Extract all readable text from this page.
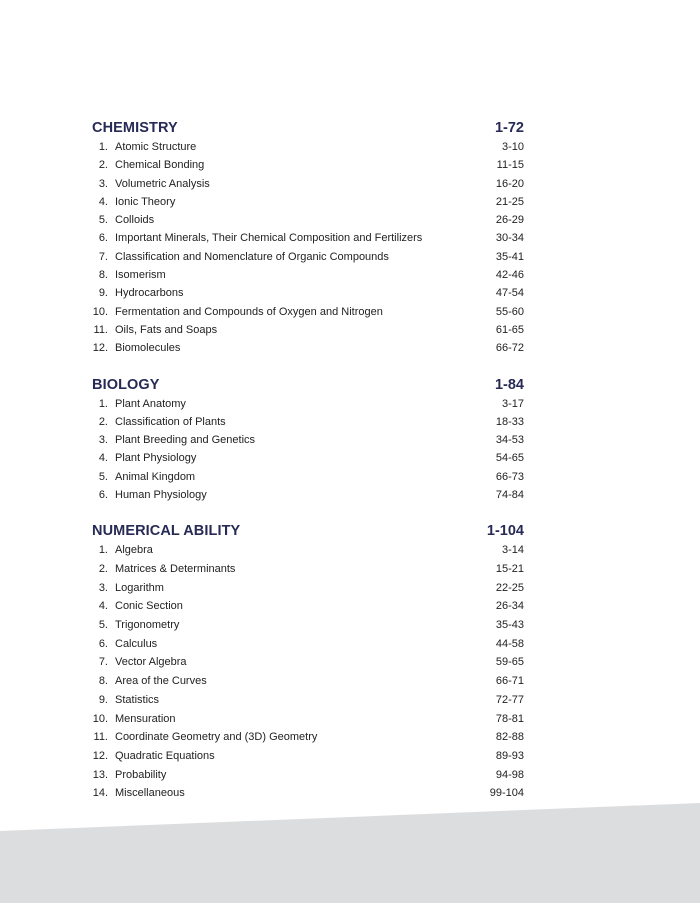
CHEMISTRY	1-72
1. Atomic Structure	3-10
2. Chemical Bonding	11-15
3. Volumetric Analysis	16-20
4. Ionic Theory	21-25
5. Colloids	26-29
6. Important Minerals, Their Chemical Composition and Fertilizers	30-34
7. Classification and Nomenclature of Organic Compounds	35-41
8. Isomerism	42-46
9. Hydrocarbons	47-54
10. Fermentation and Compounds of Oxygen and Nitrogen	55-60
11. Oils, Fats and Soaps	61-65
12. Biomolecules	66-72
BIOLOGY	1-84
1. Plant Anatomy	3-17
2. Classification of Plants	18-33
3. Plant Breeding and Genetics	34-53
4. Plant Physiology	54-65
5. Animal Kingdom	66-73
6. Human Physiology	74-84
NUMERICAL ABILITY	1-104
1. Algebra	3-14
2. Matrices & Determinants	15-21
3. Logarithm	22-25
4. Conic Section	26-34
5. Trigonometry	35-43
6. Calculus	44-58
7. Vector Algebra	59-65
8. Area of the Curves	66-71
9. Statistics	72-77
10. Mensuration	78-81
11. Coordinate Geometry and (3D) Geometry	82-88
12. Quadratic Equations	89-93
13. Probability	94-98
14. Miscellaneous	99-104
